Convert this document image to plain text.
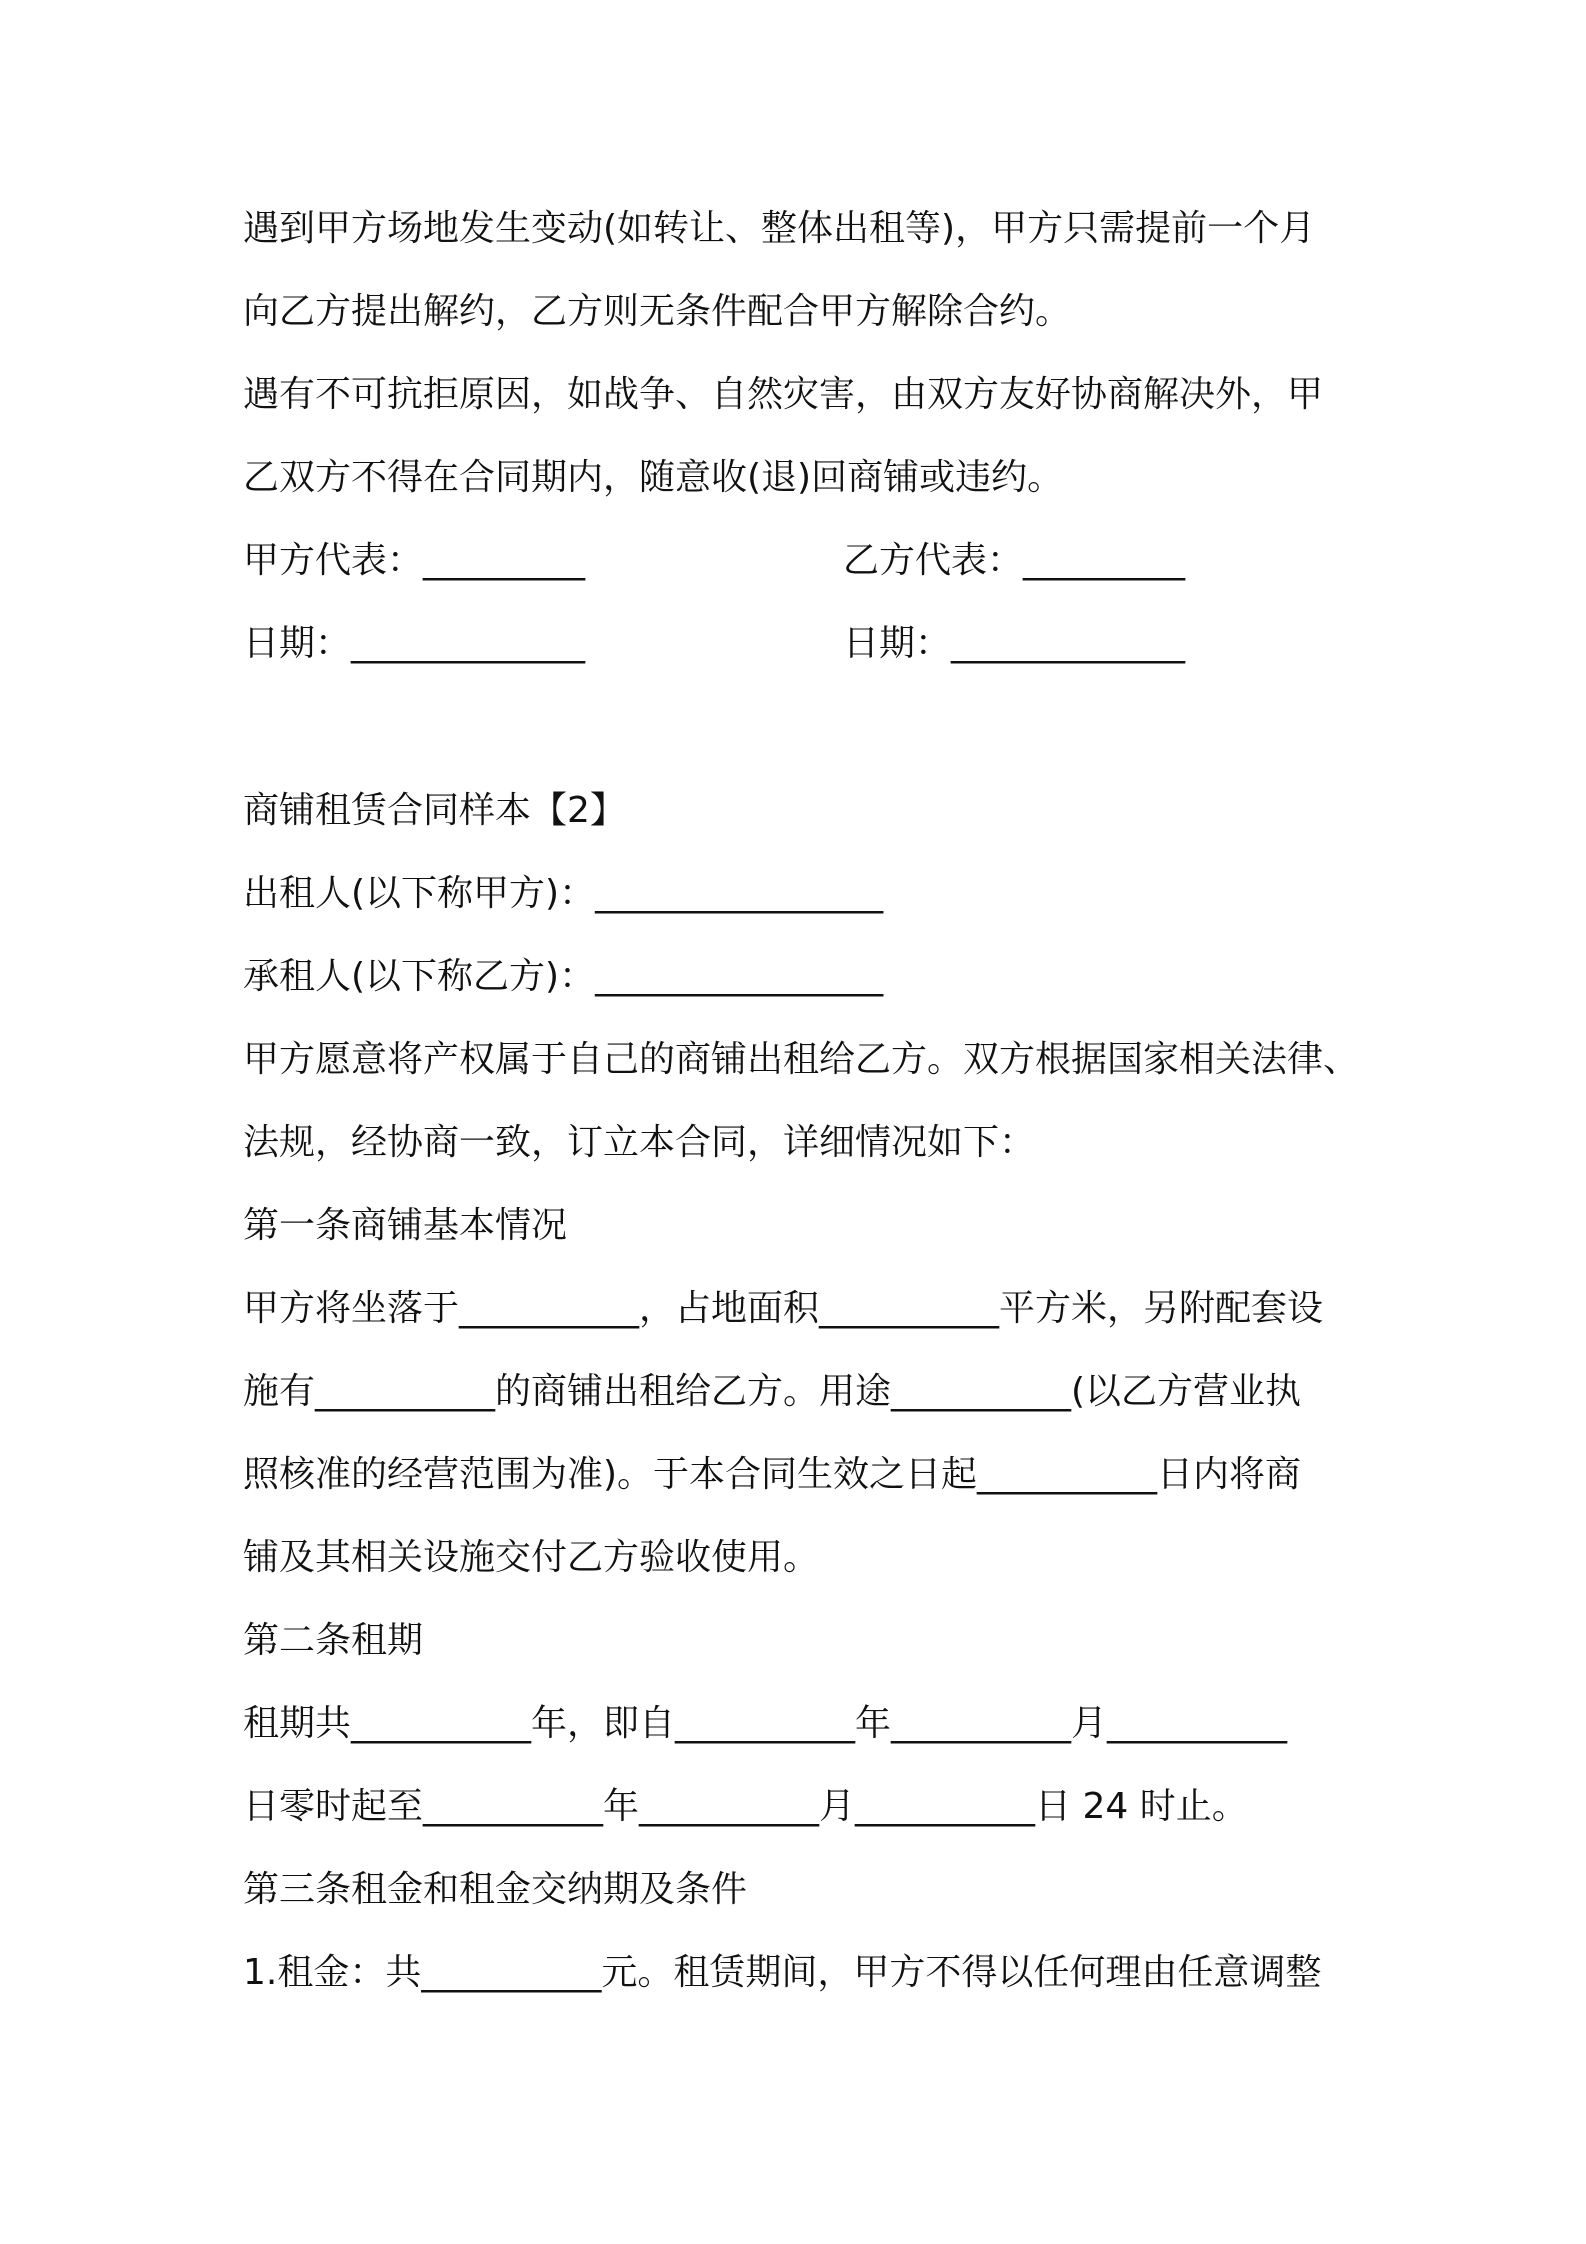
遇到甲方场地发生变动(如转让、整体出租等)，甲方只需提前一个月
向乙方提出解约，乙方则无条件配合甲方解除合约。
遇有不可抗拒原因，如战争、自然灾害，由双方友好协商解决外，甲
乙双方不得在合同期内，随意收(退)回商铺或违约。
甲方代表：_________	乙方代表：_________
日期：_____________	日期：_____________
商铺租赁合同样本【2】
出租人(以下称甲方)：________________
承租人(以下称乙方)：________________
甲方愿意将产权属于自己的商铺出租给乙方。双方根据国家相关法律、
法规，经协商一致，订立本合同，详细情况如下：
第一条商铺基本情况
甲方将坐落于__________，占地面积__________平方米，另附配套设
施有__________的商铺出租给乙方。用途__________(以乙方营业执
照核准的经营范围为准)。于本合同生效之日起__________日内将商
铺及其相关设施交付乙方验收使用。
第二条租期
租期共__________年，即自__________年__________月__________
日零时起至__________年__________月__________日 24 时止。
第三条租金和租金交纳期及条件
1.租金：共__________元。租赁期间，甲方不得以任何理由任意调整
